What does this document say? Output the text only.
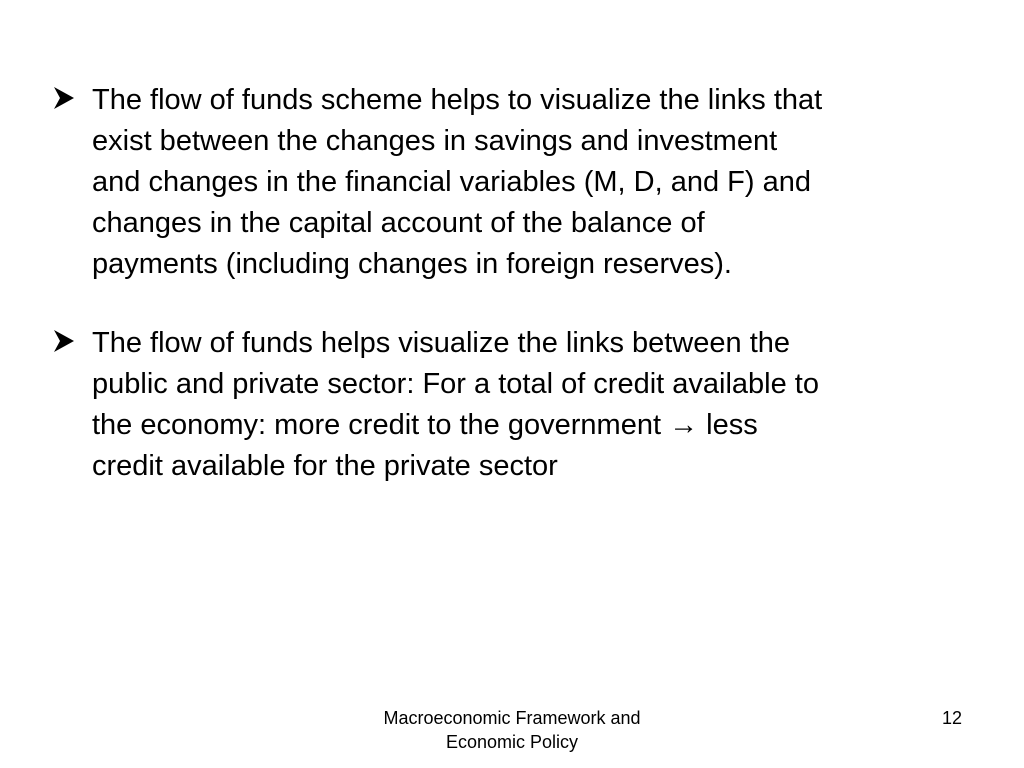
The flow of funds scheme helps to visualize the links that
exist between the changes in savings and investment
and changes in the financial variables (M, D, and F) and
changes in the capital account of the balance of
payments (including changes in foreign reserves).
The flow of funds helps visualize the links between the
public and private sector: For a total of credit available to
the economy: more credit to the government → less
credit available for the private sector
Macroeconomic Framework and
Economic Policy
12
